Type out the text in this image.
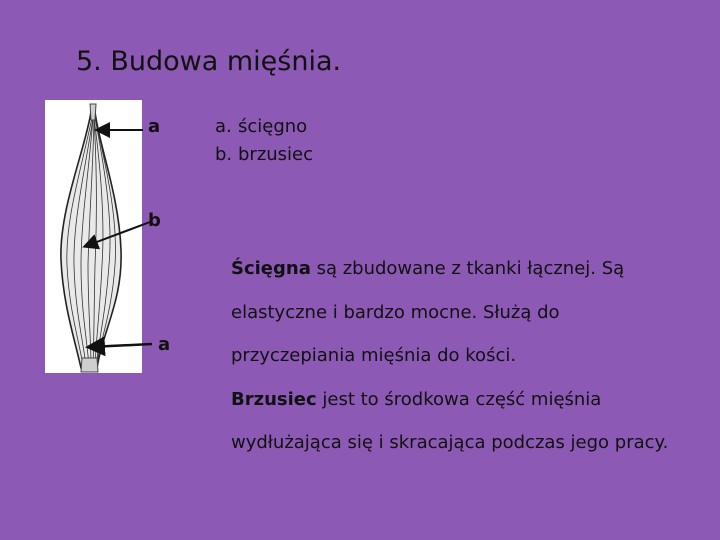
5. Budowa mięśnia.
a
b
a
a. ścięgno
b. brzusiec
Ścięgna są zbudowane z tkanki łącznej. Są
elastyczne i bardzo mocne. Służą do
przyczepiania mięśnia do kości.
Brzusiec jest to środkowa część mięśnia
wydłużająca się i skracająca podczas jego pracy.
